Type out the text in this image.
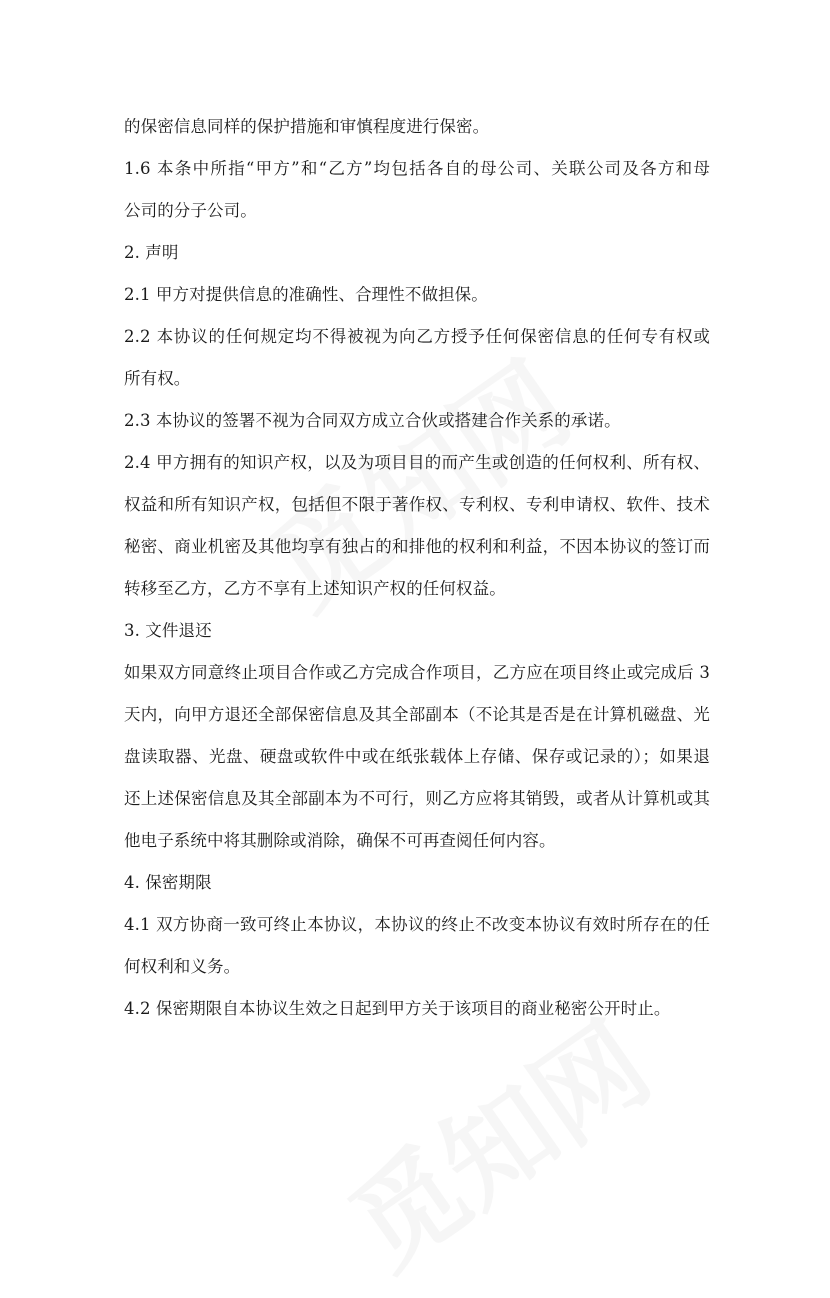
的保密信息同样的保护措施和审慎程度进行保密。
1.6 本条中所指“甲方”和“乙方”均包括各自的母公司、关联公司及各方和母
公司的分子公司。
2. 声明
2.1 甲方对提供信息的准确性、合理性不做担保。
2.2 本协议的任何规定均不得被视为向乙方授予任何保密信息的任何专有权或
所有权。
2.3 本协议的签署不视为合同双方成立合伙或搭建合作关系的承诺。
2.4 甲方拥有的知识产权，以及为项目目的而产生或创造的任何权利、所有权、
权益和所有知识产权，包括但不限于著作权、专利权、专利申请权、软件、技术
秘密、商业机密及其他均享有独占的和排他的权利和利益，不因本协议的签订而
转移至乙方，乙方不享有上述知识产权的任何权益。
3. 文件退还
如果双方同意终止项目合作或乙方完成合作项目，乙方应在项目终止或完成后 3
天内，向甲方退还全部保密信息及其全部副本（不论其是否是在计算机磁盘、光
盘读取器、光盘、硬盘或软件中或在纸张载体上存储、保存或记录的）；如果退
还上述保密信息及其全部副本为不可行，则乙方应将其销毁，或者从计算机或其
他电子系统中将其删除或消除，确保不可再查阅任何内容。
4. 保密期限
4.1 双方协商一致可终止本协议，本协议的终止不改变本协议有效时所存在的任
何权利和义务。
4.2 保密期限自本协议生效之日起到甲方关于该项目的商业秘密公开时止。
